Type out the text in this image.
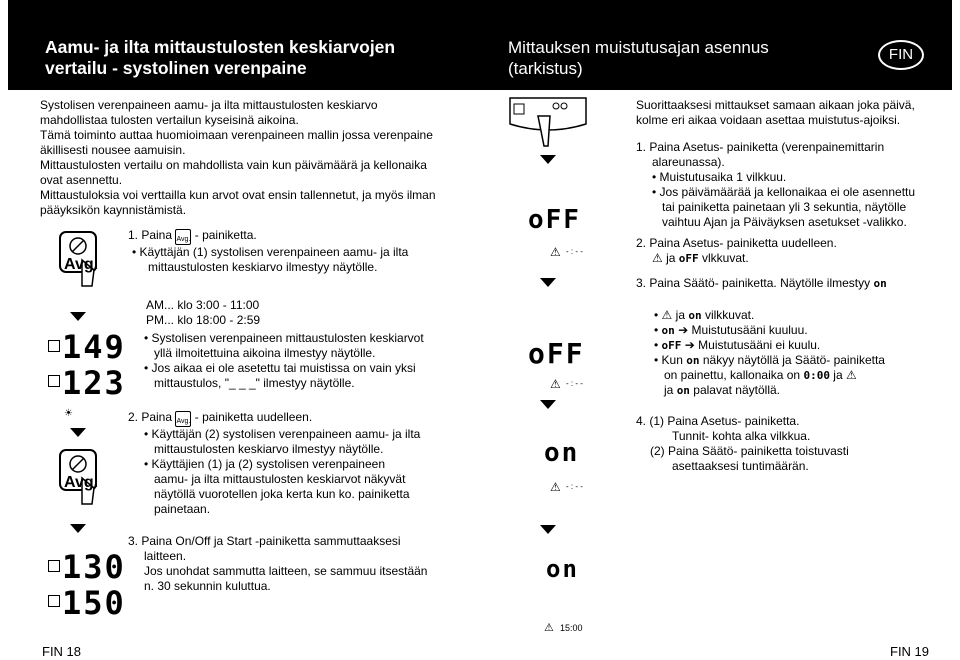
Aamu- ja ilta mittaustulosten keskiarvojen
vertailu - systolinen verenpaine
Mittauksen muistutusajan asennus
(tarkistus)
FIN

Systolisen verenpaineen aamu- ja ilta mittaustulosten keskiarvo

mahdollistaa tulosten vertailun kyseisinä aikoina.

Tämä toiminto auttaa huomioimaan verenpaineen mallin jossa verenpaine

äkillisesti nousee aamuisin.

Mittaustulosten vertailu on mahdollista vain kun päivämäärä ja kellonaika

ovat asennettu.

Mittaustuloksia voi verttailla kun arvot ovat ensin tallennetut, ja myös ilman

pääyksikön kaynnistämistä.

Avg.
149
123
☀
Avg.
130
150

1. Paina Avg. - painiketta.

• Käyttäjän (1) systolisen verenpaineen aamu- ja ilta

mittaustulosten keskiarvo ilmestyy näytölle.

AM... klo 3:00 - 11:00

PM... klo 18:00 - 2:59

• Systolisen verenpaineen mittaustulosten keskiarvot

yllä ilmoitettuina aikoina ilmestyy näytölle.

• Jos aikaa ei ole asetettu tai muistissa on vain yksi

mittaustulos, "_ _ _" ilmestyy näytölle.

2. Paina Avg. - painiketta uudelleen.

• Käyttäjän (2) systolisen verenpaineen aamu- ja ilta

mittaustulosten keskiarvo ilmestyy näytölle.

• Käyttäjien (1) ja (2) systolisen verenpaineen

aamu- ja ilta mittaustulosten keskiarvot näkyvät

näytöllä vuorotellen joka kerta kun ko. painiketta

painetaan.

3. Paina On/Off ja Start -painiketta sammuttaaksesi

laitteen.

Jos unohdat sammutta laitteen, se sammuu itsestään

n. 30 sekunnin kuluttua.

oFF
⚠ - : - -
oFF
⚠ - : - -
on
⚠ - : - -
on
⚠ 15:00

Suorittaaksesi mittaukset samaan aikaan joka päivä,

kolme eri aikaa voidaan asettaa muistutus-ajoiksi.

1. Paina Asetus- painiketta (verenpainemittarin

alareunassa).

• Muistutusaika 1 vilkkuu.

• Jos päivämäärää ja kellonaikaa ei ole asennettu

tai painiketta painetaan yli 3 sekuntia, näytölle

vaihtuu Ajan ja Päiväyksen asetukset -valikko.

2. Paina Asetus- painiketta uudelleen.

⚠ ja oFF vlkkuvat.

3. Paina Säätö- painiketta. Näytölle ilmestyy on

• ⚠ ja on vilkkuvat.

• on ➔ Muistutusääni kuuluu.

• oFF ➔ Muistutusääni ei kuulu.

• Kun on näkyy näytöllä ja Säätö- painiketta

on painettu, kallonaika on 0:00 ja ⚠

ja on palavat näytöllä.

4. (1) Paina Asetus- painiketta.

Tunnit- kohta alka vilkkua.

(2) Paina Säätö- painiketta toistuvasti

asettaaksesi tuntimäärän.

FIN 18	FIN 19
